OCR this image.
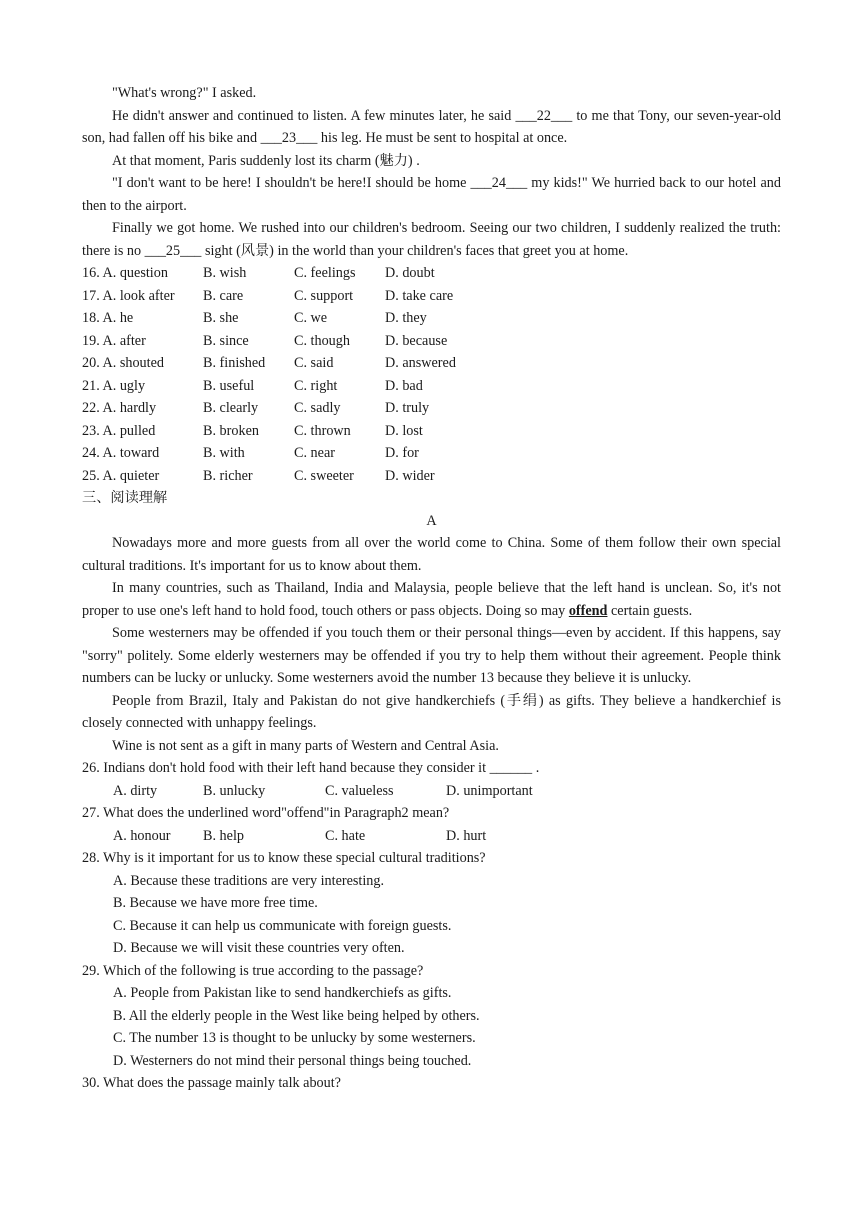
"What's wrong?" I asked.

He didn't answer and continued to listen. A few minutes later, he said ___22___ to me that Tony, our seven-year-old son, had fallen off his bike and ___23___ his leg. He must be sent to hospital at once.

At that moment, Paris suddenly lost its charm (魅力) .

"I don't want to be here! I shouldn't be here!I should be home ___24___ my kids!" We hurried back to our hotel and then to the airport.

Finally we got home. We rushed into our children's bedroom. Seeing our two children, I suddenly realized the truth: there is no ___25___ sight (风景) in the world than your children's faces that greet you at home.

16. A. question	B. wish	C. feelings	D. doubt
17. A. look after	B. care	C. support	D. take care
18. A. he	B. she	C. we	D. they
19. A. after	B. since	C. though	D. because
20. A. shouted	B. finished	C. said	D. answered
21. A. ugly	B. useful	C. right	D. bad
22. A. hardly	B. clearly	C. sadly	D. truly
23. A. pulled	B. broken	C. thrown	D. lost
24. A. toward	B. with	C. near	D. for
25. A. quieter	B. richer	C. sweeter	D. wider

三、阅读理解

A

Nowadays more and more guests from all over the world come to China. Some of them follow their own special cultural traditions. It's important for us to know about them.

In many countries, such as Thailand, India and Malaysia, people believe that the left hand is unclean. So, it's not proper to use one's left hand to hold food, touch others or pass objects. Doing so may offend certain guests.

Some westerners may be offended if you touch them or their personal things—even by accident. If this happens, say "sorry" politely. Some elderly westerners may be offended if you try to help them without their agreement. People think numbers can be lucky or unlucky. Some westerners avoid the number 13 because they believe it is unlucky.

People from Brazil, Italy and Pakistan do not give handkerchiefs (手绢) as gifts. They believe a handkerchief is closely connected with unhappy feelings.

Wine is not sent as a gift in many parts of Western and Central Asia.

26. Indians don't hold food with their left hand because they consider it ______ .

A. dirty	B. unlucky	C. valueless	D. unimportant

27. What does the underlined word"offend"in Paragraph2 mean?

A. honour	B. help	C. hate	D. hurt

28. Why is it important for us to know these special cultural traditions?

A. Because these traditions are very interesting.

B. Because we have more free time.

C. Because it can help us communicate with foreign guests.

D. Because we will visit these countries very often.

29. Which of the following is true according to the passage?

A. People from Pakistan like to send handkerchiefs as gifts.

B. All the elderly people in the West like being helped by others.

C. The number 13 is thought to be unlucky by some westerners.

D. Westerners do not mind their personal things being touched.

30. What does the passage mainly talk about?
